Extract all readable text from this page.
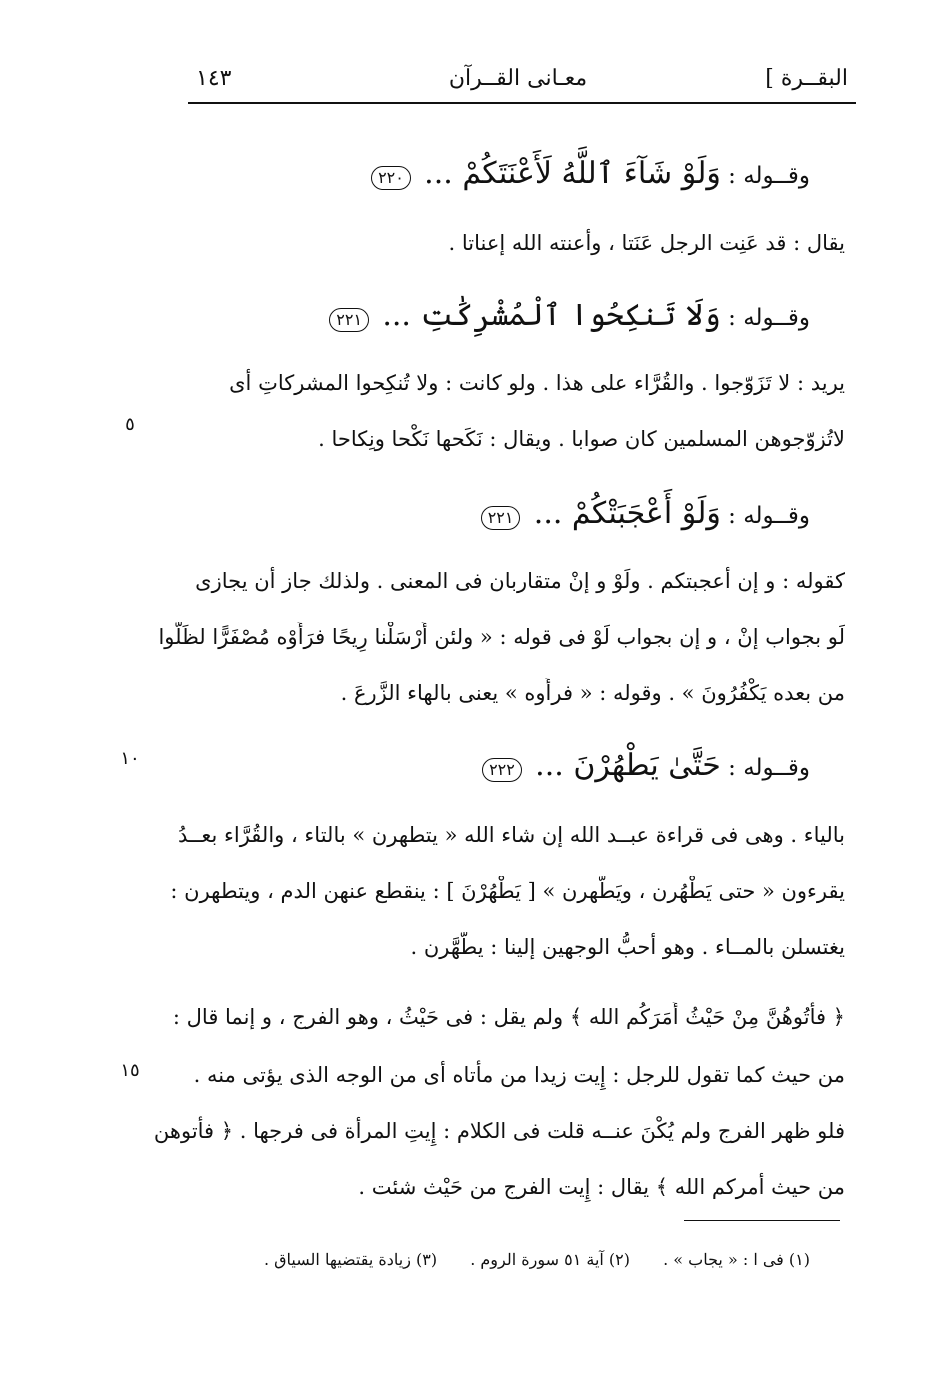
١٤٣	معـانى القــرآن	البقــرة ]
وقــوله : وَلَوْ شَآءَ ٱللَّهُ لَأَعْنَتَكُمْ ... ٢٢٠
يقال : قد عَنِت الرجل عَنَتا ، وأعنته الله إعناتا .
وقــوله : وَلَا تَنكِحُوا ٱلْمُشْرِكَٰتِ ... ٢٢١
يريد : لا تَزَوّجوا . والقُرَّاء على هذا . ولو كانت : ولا تُنكِحوا المشركاتِ أى
لاتُزوّجوهن المسلمين كان صوابا . ويقال : نَكَحها نَكْحا ونِكاحا .
وقــوله : وَلَوْ أَعْجَبَتْكُمْ ... ٢٢١
كقوله : و إن أعجبتكم . ولَوْ و إنْ متقاربان فى المعنى . ولذلك جاز أن يجازى
لَو بجواب إنْ ، و إن بجواب لَوْ فى قوله : « ولئن أَرْسَلْنا رِيحًا فرَأَوْه مُصْفَرًّا لظَلُّوا
من بعده يَكْفُرُونَ » . وقوله : « فرأَوه » يعنى بالهاء الزَّرعَ .
وقــوله : حَتَّىٰ يَطْهُرْنَ ... ٢٢٢
بالياء . وهى فى قراءة عبــد الله إن شاء الله « يتطهرن » بالتاء ، والقُرَّاء بعــدُ
يقرءون « حتى يَطْهُرن ، ويَطَّهرن » [ يَطْهُرْنَ ] : ينقطع عنهن الدم ، ويتطهرن :
يغتسلن بالمــاء . وهو أحبُّ الوجهين إلينا : يطَّهَّرن .
﴿ فأْتُوهُنَّ مِنْ حَيْثُ أَمَرَكُم الله ﴾ ولم يقل : فى حَيْثُ ، وهو الفرج ، و إنما قال :
من حيث كما تقول للرجل : إِيت زيدا من مأتاه أى من الوجه الذى يؤتى منه .
فلو ظهر الفرج ولم يُكْنَ عنــه قلت فى الكلام : إِيتِ المرأة فى فرجها . ﴿ فأتوهن
من حيث أمركم الله ﴾ يقال : إِيت الفرج من حَيْث شئت .
٥
١٠
١٥
(١) فى ا : « يجاب » . (٢) آية ٥١ سورة الروم . (٣) زيادة يقتضيها السياق .
